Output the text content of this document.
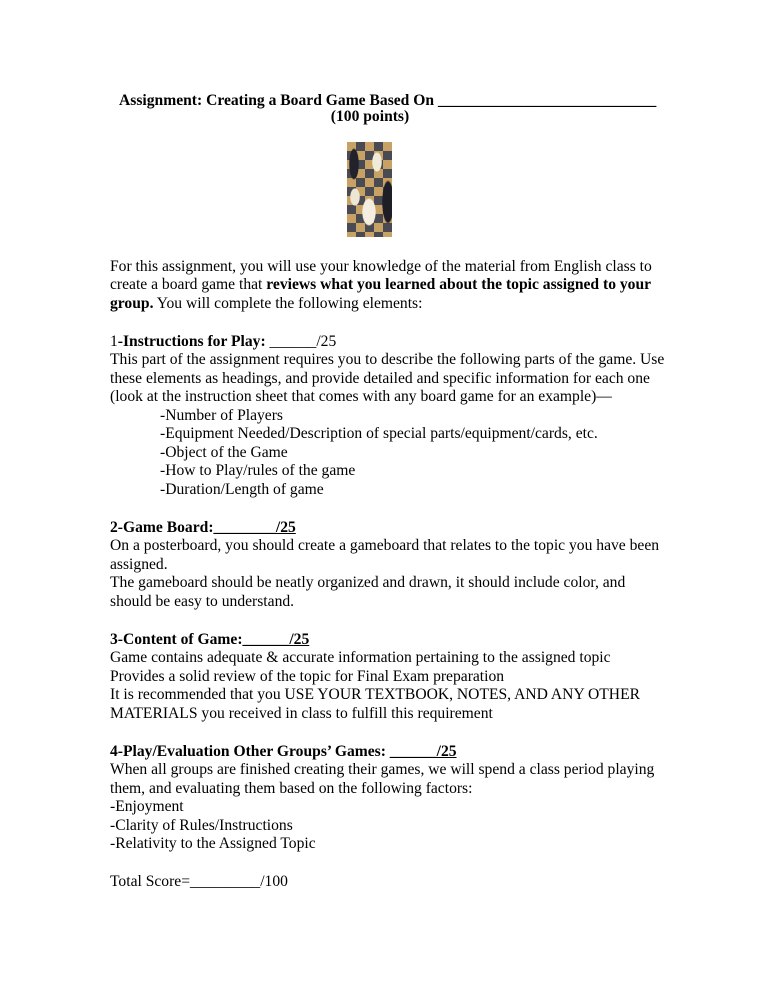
Assignment: Creating a Board Game Based On ____________________________
(100 points)
For this assignment, you will use your knowledge of the material from English class to
create a board game that reviews what you learned about the topic assigned to your
group. You will complete the following elements:
1-Instructions for Play: ______/25
This part of the assignment requires you to describe the following parts of the game. Use
these elements as headings, and provide detailed and specific information for each one
(look at the instruction sheet that comes with any board game for an example)—
-Number of Players
-Equipment Needed/Description of special parts/equipment/cards, etc.
-Object of the Game
-How to Play/rules of the game
-Duration/Length of game
2-Game Board:________/25
On a posterboard, you should create a gameboard that relates to the topic you have been
assigned.
The gameboard should be neatly organized and drawn, it should include color, and
should be easy to understand.
3-Content of Game:______/25
Game contains adequate & accurate information pertaining to the assigned topic
Provides a solid review of the topic for Final Exam preparation
It is recommended that you USE YOUR TEXTBOOK, NOTES, AND ANY OTHER
MATERIALS you received in class to fulfill this requirement
4-Play/Evaluation Other Groups’ Games: ______/25
When all groups are finished creating their games, we will spend a class period playing
them, and evaluating them based on the following factors:
-Enjoyment
-Clarity of Rules/Instructions
-Relativity to the Assigned Topic
Total Score=_________/100
